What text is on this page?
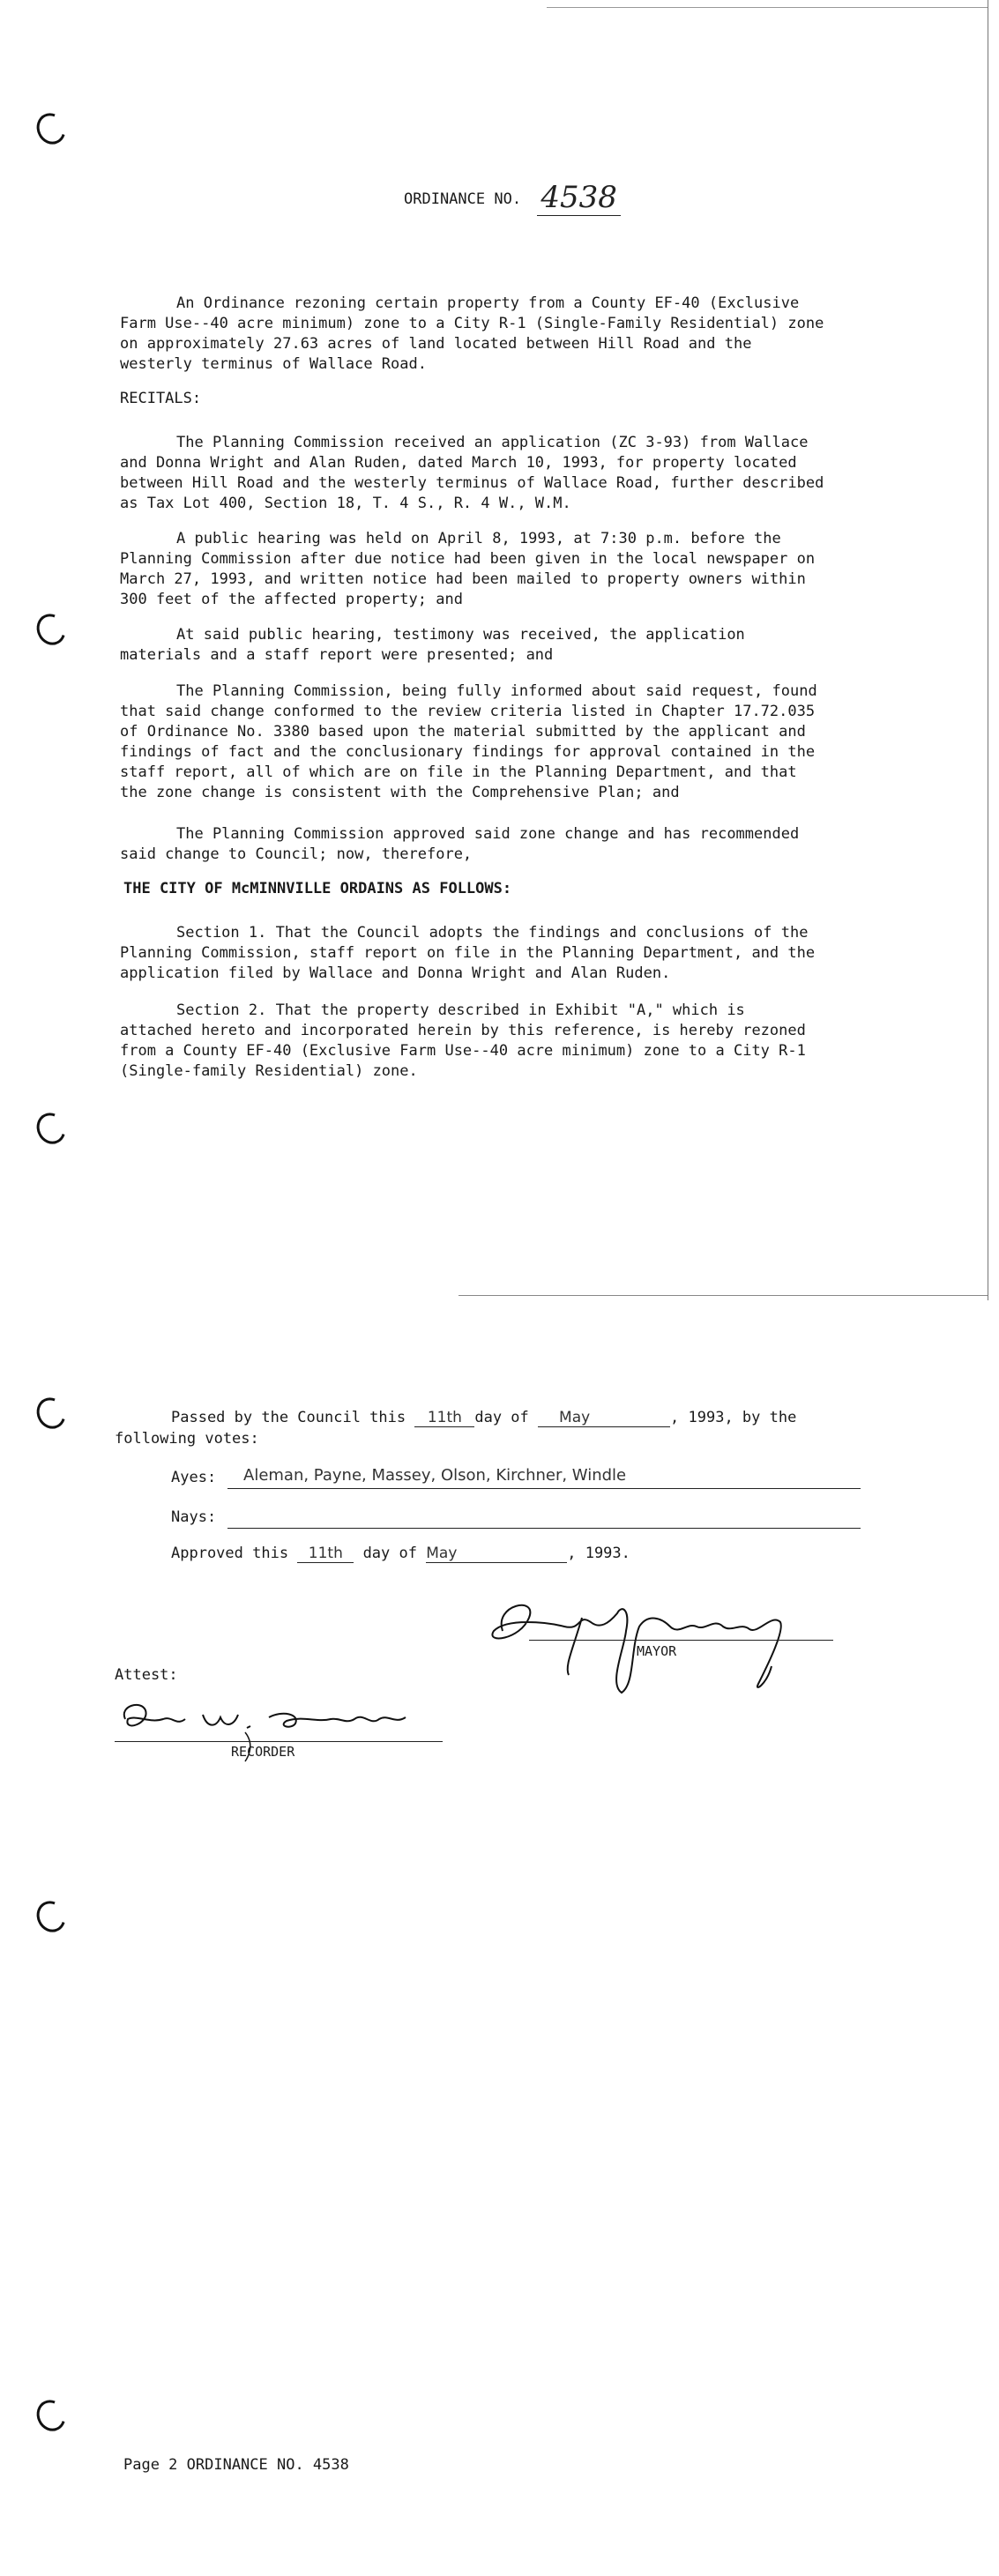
ORDINANCE NO. 4538
An Ordinance rezoning certain property from a County EF-40 (Exclusive
Farm Use--40 acre minimum) zone to a City R-1 (Single-Family Residential) zone
on approximately 27.63 acres of land located between Hill Road and the
westerly terminus of Wallace Road.
RECITALS:
The Planning Commission received an application (ZC 3-93) from Wallace
and Donna Wright and Alan Ruden, dated March 10, 1993, for property located
between Hill Road and the westerly terminus of Wallace Road, further described
as Tax Lot 400, Section 18, T. 4 S., R. 4 W., W.M.
A public hearing was held on April 8, 1993, at 7:30 p.m. before the
Planning Commission after due notice had been given in the local newspaper on
March 27, 1993, and written notice had been mailed to property owners within
300 feet of the affected property; and
At said public hearing, testimony was received, the application
materials and a staff report were presented; and
The Planning Commission, being fully informed about said request, found
that said change conformed to the review criteria listed in Chapter 17.72.035
of Ordinance No. 3380 based upon the material submitted by the applicant and
findings of fact and the conclusionary findings for approval contained in the
staff report, all of which are on file in the Planning Department, and that
the zone change is consistent with the Comprehensive Plan; and
The Planning Commission approved said zone change and has recommended
said change to Council; now, therefore,
THE CITY OF McMINNVILLE ORDAINS AS FOLLOWS:
Section 1. That the Council adopts the findings and conclusions of the
Planning Commission, staff report on file in the Planning Department, and the
application filed by Wallace and Donna Wright and Alan Ruden.
Section 2. That the property described in Exhibit "A," which is
attached hereto and incorporated herein by this reference, is hereby rezoned
from a County EF-40 (Exclusive Farm Use--40 acre minimum) zone to a City R-1
(Single-family Residential) zone.
Passed by the Council this 11th day of May	, 1993, by the
following votes:
Ayes: Aleman, Payne, Massey, Olson, Kirchner, Windle
Nays:
Approved this 11th day of May	, 1993.
MAYOR
Attest:
RECORDER
Page 2 ORDINANCE NO. 4538
